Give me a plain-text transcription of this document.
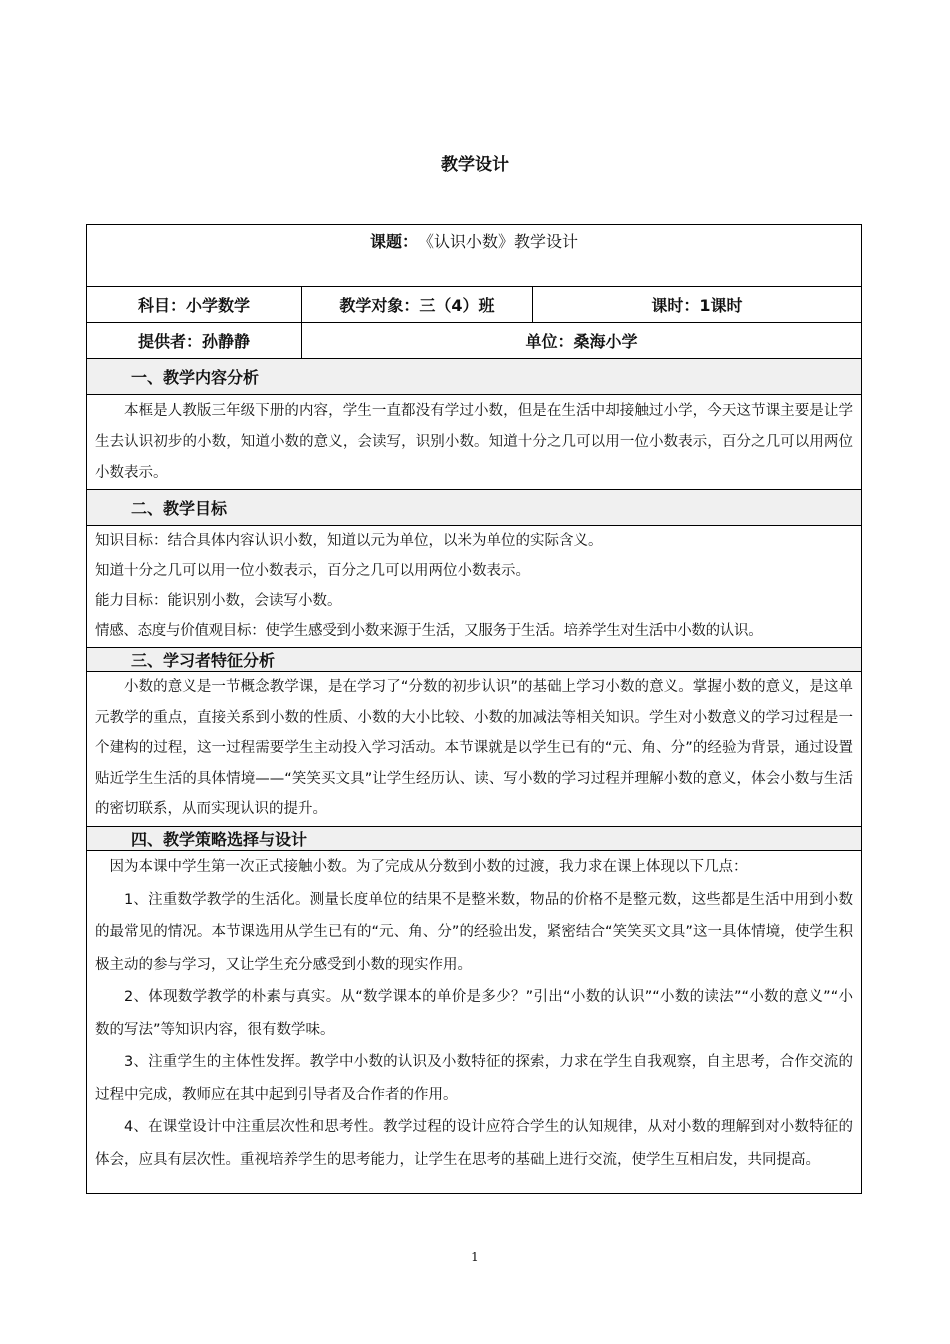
教学设计
课题： 《认识小数》教学设计
科目：小学数学	教学对象：三（4）班	课时：1课时
提供者：孙静静	单位：桑海小学
一、教学内容分析

本框是人教版三年级下册的内容，学生一直都没有学过小数，但是在生活中却接触过小学，今天这节课主要是让学生去认识初步的小数，知道小数的意义，会读写，识别小数。知道十分之几可以用一位小数表示，百分之几可以用两位小数表示。

二、教学目标

知识目标：结合具体内容认识小数，知道以元为单位，以米为单位的实际含义。

知道十分之几可以用一位小数表示，百分之几可以用两位小数表示。

能力目标：能识别小数，会读写小数。

情感、态度与价值观目标：使学生感受到小数来源于生活，又服务于生活。培养学生对生活中小数的认识。

三、学习者特征分析

小数的意义是一节概念教学课，是在学习了“分数的初步认识”的基础上学习小数的意义。掌握小数的意义，是这单元教学的重点，直接关系到小数的性质、小数的大小比较、小数的加减法等相关知识。学生对小数意义的学习过程是一个建构的过程，这一过程需要学生主动投入学习活动。本节课就是以学生已有的“元、角、分”的经验为背景，通过设置贴近学生生活的具体情境——“笑笑买文具”让学生经历认、读、写小数的学习过程并理解小数的意义，体会小数与生活的密切联系，从而实现认识的提升。

四、教学策略选择与设计

因为本课中学生第一次正式接触小数。为了完成从分数到小数的过渡，我力求在课上体现以下几点：

1、注重数学教学的生活化。测量长度单位的结果不是整米数，物品的价格不是整元数，这些都是生活中用到小数的最常见的情况。本节课选用从学生已有的“元、角、分”的经验出发，紧密结合“笑笑买文具”这一具体情境，使学生积极主动的参与学习，又让学生充分感受到小数的现实作用。

2、体现数学教学的朴素与真实。从“数学课本的单价是多少？”引出“小数的认识”“小数的读法”“小数的意义”“小数的写法”等知识内容，很有数学味。

3、注重学生的主体性发挥。教学中小数的认识及小数特征的探索，力求在学生自我观察，自主思考，合作交流的过程中完成，教师应在其中起到引导者及合作者的作用。

4、在课堂设计中注重层次性和思考性。教学过程的设计应符合学生的认知规律，从对小数的理解到对小数特征的体会，应具有层次性。重视培养学生的思考能力，让学生在思考的基础上进行交流，使学生互相启发，共同提高。

1
